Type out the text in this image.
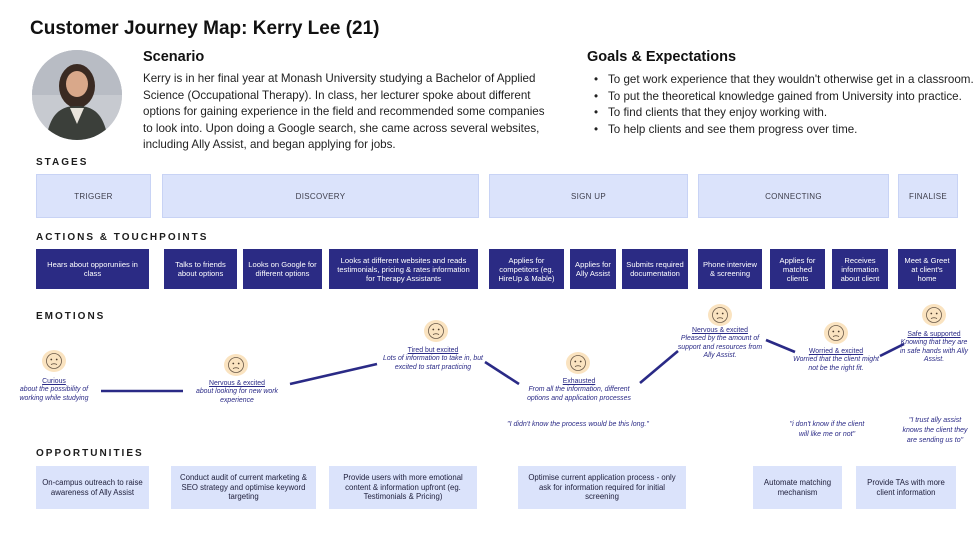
Customer Journey Map: Kerry Lee (21)
Scenario
Kerry is in her final year at Monash University studying a Bachelor of Applied Science (Occupational Therapy). In class, her lecturer spoke about different options for gaining experience in the field and recommended some companies to look into. Upon doing a Google search, she came across several websites, including Ally Assist, and began applying for jobs.
Goals & Expectations
• To get work experience that they wouldn't otherwise get in a classroom.
• To put the theoretical knowledge gained from University into practice.
• To find clients that they enjoy working with.
• To help clients and see them progress over time.
STAGES
TRIGGER	DISCOVERY	SIGN UP	CONNECTING	FINALISE
ACTIONS & TOUCHPOINTS
Hears about opporuniies in class
Talks to friends about options
Looks on Google for different options
Looks at different websites and reads testimonials, pricing & rates information for Therapy Assistants
Applies for competitors (eg. HireUp & Mable)
Applies for Ally Assist
Submits required documentation
Phone interview & screening
Applies for matched clients
Receives information about client
Meet & Greet at client's home
EMOTIONS
Curious
about the possibility of working while studying
Nervous & excited
about looking for new work experience
Tired but excited
Lots of information to take in, but excited to start practicing
Exhausted
From all the information, different options and application processes
Nervous & excited
Pleased by the amount of support and resources from Ally Assist.
Worried & excited
Worried that the client might not be the right fit.
Safe & supported
Knowing that they are in safe hands with Ally Assist.
"I didn't know the process would be this long."	"i don't know if the client will like me or not"
"I trust ally assist knows the client they are sending us to"
OPPORTUNITIES
On-campus outreach to raise awareness of Ally Assist
Conduct audit of current marketing & SEO strategy and optimise keyword targeting
Provide users with more emotional content & information upfront (eg. Testimonials & Pricing)
Optimise current application process - only ask for information required for initial screening
Automate matching mechanism
Provide TAs with more client information
